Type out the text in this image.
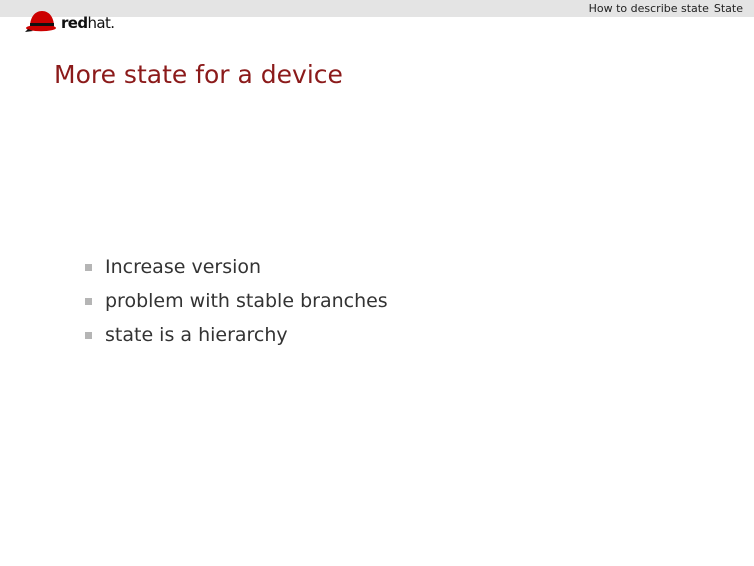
How to describe state State
redhat.
More state for a device
Increase version
problem with stable branches
state is a hierarchy
